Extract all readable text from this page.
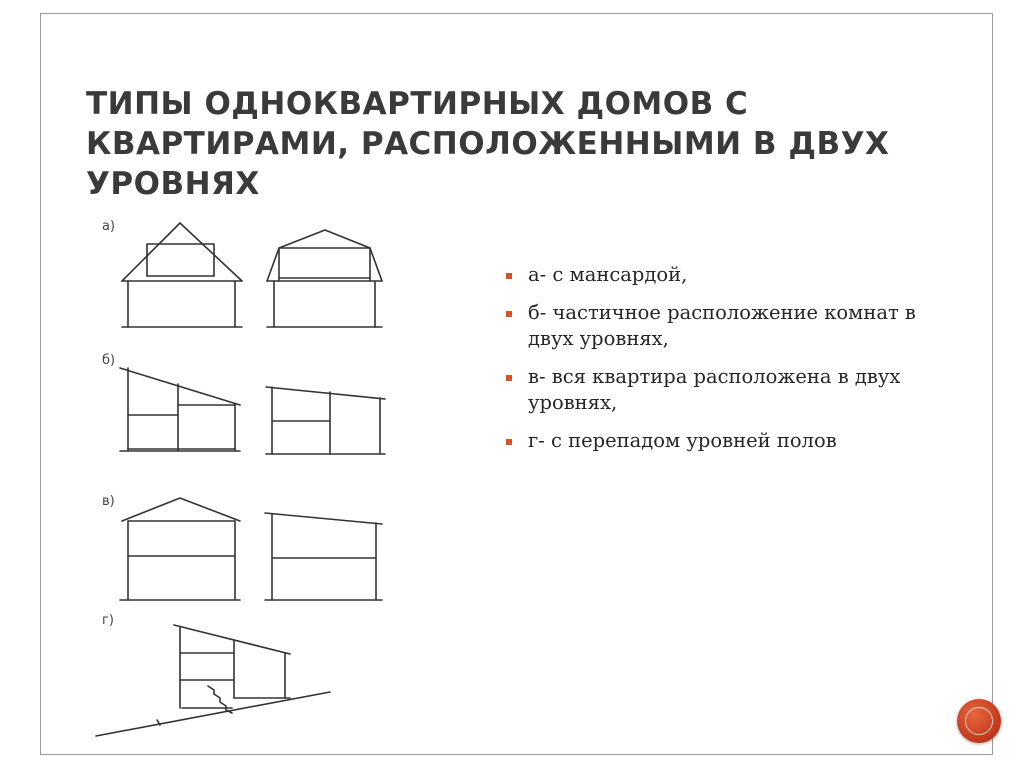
ТИПЫ ОДНОКВАРТИРНЫХ ДОМОВ С
КВАРТИРАМИ, РАСПОЛОЖЕННЫМИ В ДВУХ
УРОВНЯХ
а)
б)
в)
г)
а- с мансардой,
б- частичное расположение комнат в двух уровнях,
в- вся квартира расположена в двух уровнях,
г- с перепадом уровней полов
